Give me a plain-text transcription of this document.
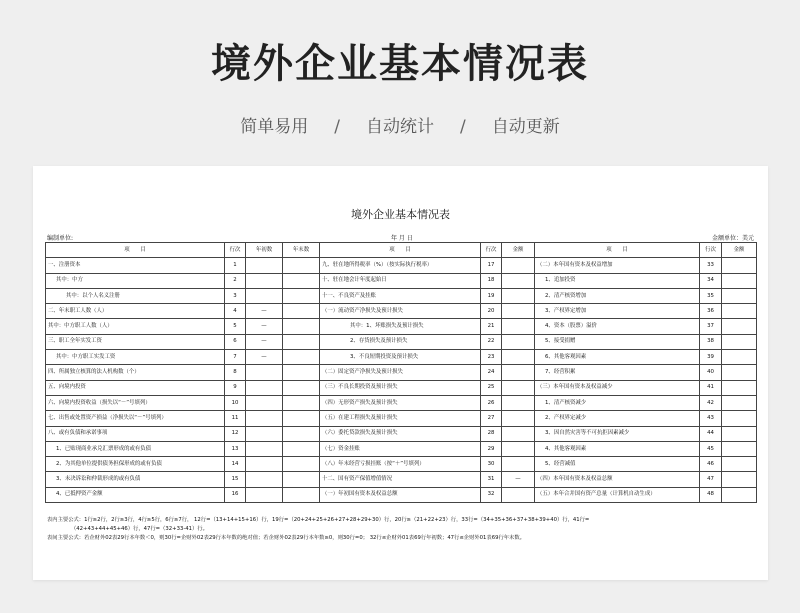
境外企业基本情况表
简单易用 / 自动统计 / 自动更新
境外企业基本情况表
编制单位:	年 月 日	金额单位：美元
项　　目	行次	年初数	年末数	项　　目	行次	金额	项　　目	行次	金额
一、注册资本	1			九、驻在地所得税率（%）（按实际执行税率）	17		（二）本年国有资本及权益增加	33	
其中：中方	2			十、驻在地会计年度起始日	18		1、追加投资	34	
其中：以个人名义注册	3			十一、不良资产及挂账	19		2、清产核资增加	35	
二、年末职工人数（人）	4	—		（一）流动资产净损失及预计损失	20		3、产权界定增加	36	
其中：中方职工人数（人）	5	—		其中：1、坏账损失及预计损失	21		4、资本（股票）溢价	37	
三、职工全年实发工资	6	—		2、存货损失及预计损失	22		5、接受捐赠	38	
其中：中方职工实发工资	7	—		3、不良短期投资及预计损失	23		6、其他客观因素	39	
四、所属独立核算的法人机构数（个）	8			（二）固定资产净损失及预计损失	24		7、经营积累	40	
五、向境内投资	9			（三）不良长期投资及预计损失	25		（三）本年国有资本及权益减少	41	
六、向境内投资收益（损失以“－”号填列）	10			（四）无形资产损失及预计损失	26		1、清产核资减少	42	
七、出售或处置资产损益（净损失以“－”号填列）	11			（五）在建工程损失及预计损失	27		2、产权界定减少	43	
八、或有负债和承诺事项	12			（六）委托贷款损失及预计损失	28		3、因自然灾害等不可抗拒因素减少	44	
1、已贴现商业承兑汇票形成的或有负债	13			（七）资金挂账	29		4、其他客观因素	45	
2、为其他单位提供债务担保形成的或有负债	14			（八）年末经营亏损挂账（按“＋”号填列）	30		5、经营减值	46	
3、未决诉讼和仲裁形成的或有负债	15			十二、国有资产保值增值情况	31	—	（四）本年国有资本及权益总额	47	
4、已抵押资产金额	16			（一）年初国有资本及权益总额	32		（五）本年合并国有资产总量（计算机自动生成）	48	
表内主要公式：1行≥2行，2行≥3行，4行≥5行，6行≥7行， 12行=（13+14+15+16）行，19行=（20+24+25+26+27+28+29+30）行，20行≥（21+22+23）行，33行=（34+35+36+37+38+39+40）行，41行=
（42+43+44+45+46）行，47行=（32+33-41）行。
表间主要公式：若企财外02表29行本年数＜0，则30行=企财外02表29行本年数的绝对值；若企财外02表29行本年数≥0，则30行=0； 32行≤企财外01表69行年初数；47行≤企财外01表69行年末数。
